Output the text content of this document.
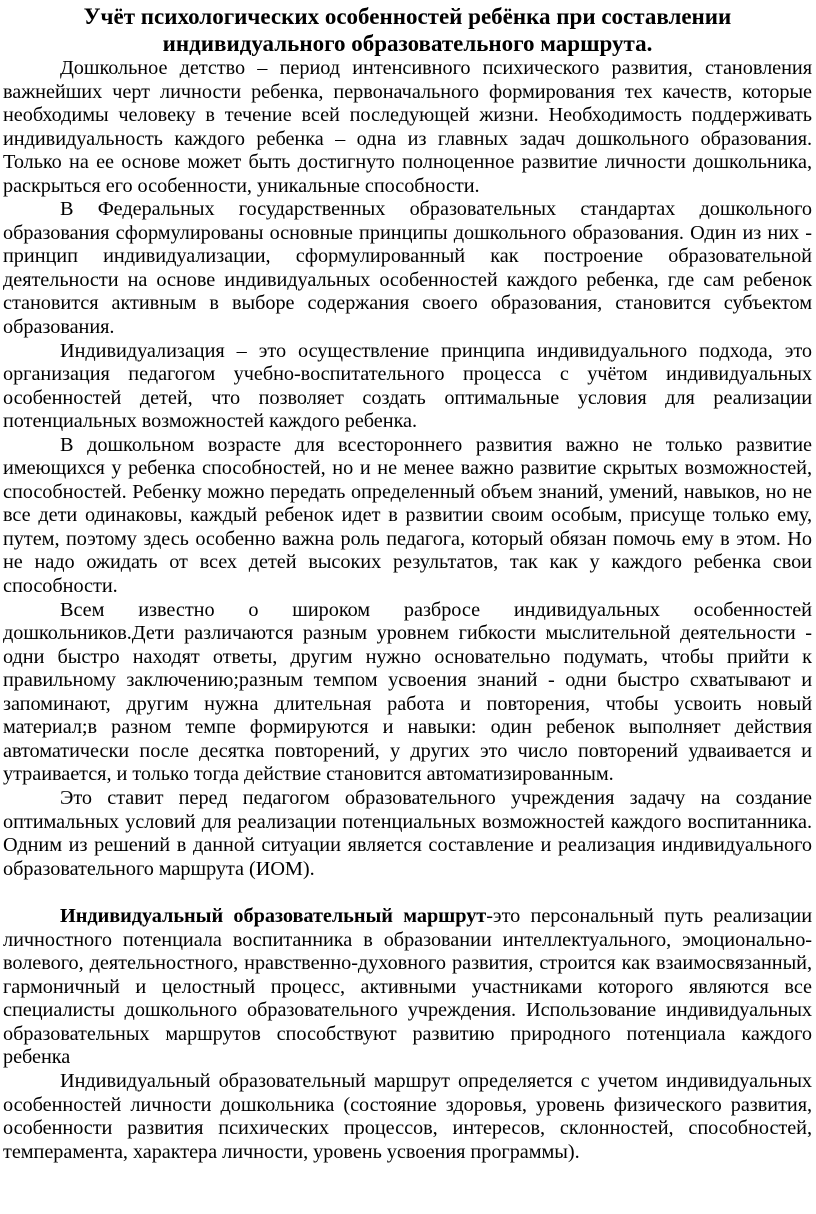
Учёт психологических особенностей ребёнка при составлении
индивидуального образовательного маршрута.

Дошкольное детство – период интенсивного психического развития, становления важнейших черт личности ребенка, первоначального формирования тех качеств, которые необходимы человеку в течение всей последующей жизни. Необходимость поддерживать индивидуальность каждого ребенка – одна из главных задач дошкольного образования. Только на ее основе может быть достигнуто полноценное развитие личности дошкольника, раскрыться его особенности, уникальные способности.

В Федеральных государственных образовательных стандартах дошкольного образования сформулированы основные принципы дошкольного образования. Один из них - принцип индивидуализации, сформулированный как построение образовательной деятельности на основе индивидуальных особенностей каждого ребенка, где сам ребенок становится активным в выборе содержания своего образования, становится субъектом образования.

Индивидуализация – это осуществление принципа индивидуального подхода, это организация педагогом учебно-воспитательного процесса с учётом индивидуальных особенностей детей, что позволяет создать оптимальные условия для реализации потенциальных возможностей каждого ребенка.

В дошкольном возрасте для всестороннего развития важно не только развитие имеющихся у ребенка способностей, но и не менее важно развитие скрытых возможностей, способностей. Ребенку можно передать определенный объем знаний, умений, навыков, но не все дети одинаковы, каждый ребенок идет в развитии своим особым, присуще только ему, путем, поэтому здесь особенно важна роль педагога, который обязан помочь ему в этом. Но не надо ожидать от всех детей высоких результатов, так как у каждого ребенка свои способности.

Всем известно о широком разбросе индивидуальных особенностей дошкольников.Дети различаются разным уровнем гибкости мыслительной деятельности - одни быстро находят ответы, другим нужно основательно подумать, чтобы прийти к правильному заключению;разным темпом усвоения знаний - одни быстро схватывают и запоминают, другим нужна длительная работа и повторения, чтобы усвоить новый материал;в разном темпе формируются и навыки: один ребенок выполняет действия автоматически после десятка повторений, у других это число повторений удваивается и утраивается, и только тогда действие становится автоматизированным.

Это ставит перед педагогом образовательного учреждения задачу на создание оптимальных условий для реализации потенциальных возможностей каждого воспитанника. Одним из решений в данной ситуации является составление и реализация индивидуального образовательного маршрута (ИОМ).

Индивидуальный образовательный маршрут-это персональный путь реализации личностного потенциала воспитанника в образовании интеллектуального, эмоционально-волевого, деятельностного, нравственно-духовного развития, строится как взаимосвязанный, гармоничный и целостный процесс, активными участниками которого являются все специалисты дошкольного образовательного учреждения. Использование индивидуальных образовательных маршрутов способствуют развитию природного потенциала каждого ребенка

Индивидуальный образовательный маршрут определяется с учетом индивидуальных особенностей личности дошкольника (состояние здоровья, уровень физического развития, особенности развития психических процессов, интересов, склонностей, способностей, темперамента, характера личности, уровень усвоения программы).
